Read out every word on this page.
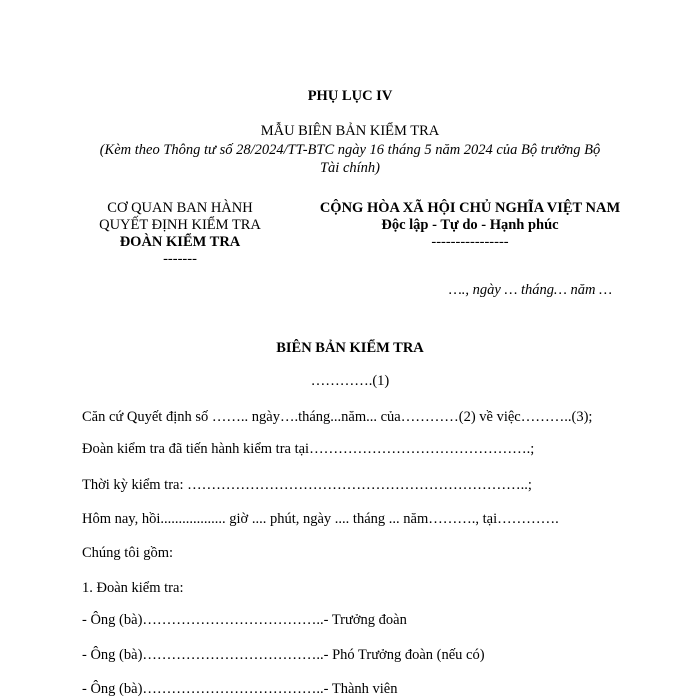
PHỤ LỤC IV
MẪU BIÊN BẢN KIỂM TRA
(Kèm theo Thông tư số 28/2024/TT-BTC ngày 16 tháng 5 năm 2024 của Bộ trưởng Bộ
Tài chính)
CƠ QUAN BAN HÀNH
QUYẾT ĐỊNH KIỂM TRA
ĐOÀN KIỂM TRA
-------
CỘNG HÒA XÃ HỘI CHỦ NGHĨA VIỆT NAM
Độc lập - Tự do - Hạnh phúc
----------------
…., ngày … tháng… năm …
BIÊN BẢN KIỂM TRA
………….(1)
Căn cứ Quyết định số …….. ngày….tháng...năm... của…………(2) về việc………..(3);
Đoàn kiểm tra đã tiến hành kiểm tra tại……………………………………….;
Thời kỳ kiểm tra: ……………………………………………………………..;
Hôm nay, hồi.................. giờ .... phút, ngày .... tháng ... năm………., tại………….
Chúng tôi gồm:
1. Đoàn kiểm tra:
- Ông (bà)………………………………..- Trưởng đoàn
- Ông (bà)………………………………..- Phó Trưởng đoàn (nếu có)
- Ông (bà)………………………………..- Thành viên
